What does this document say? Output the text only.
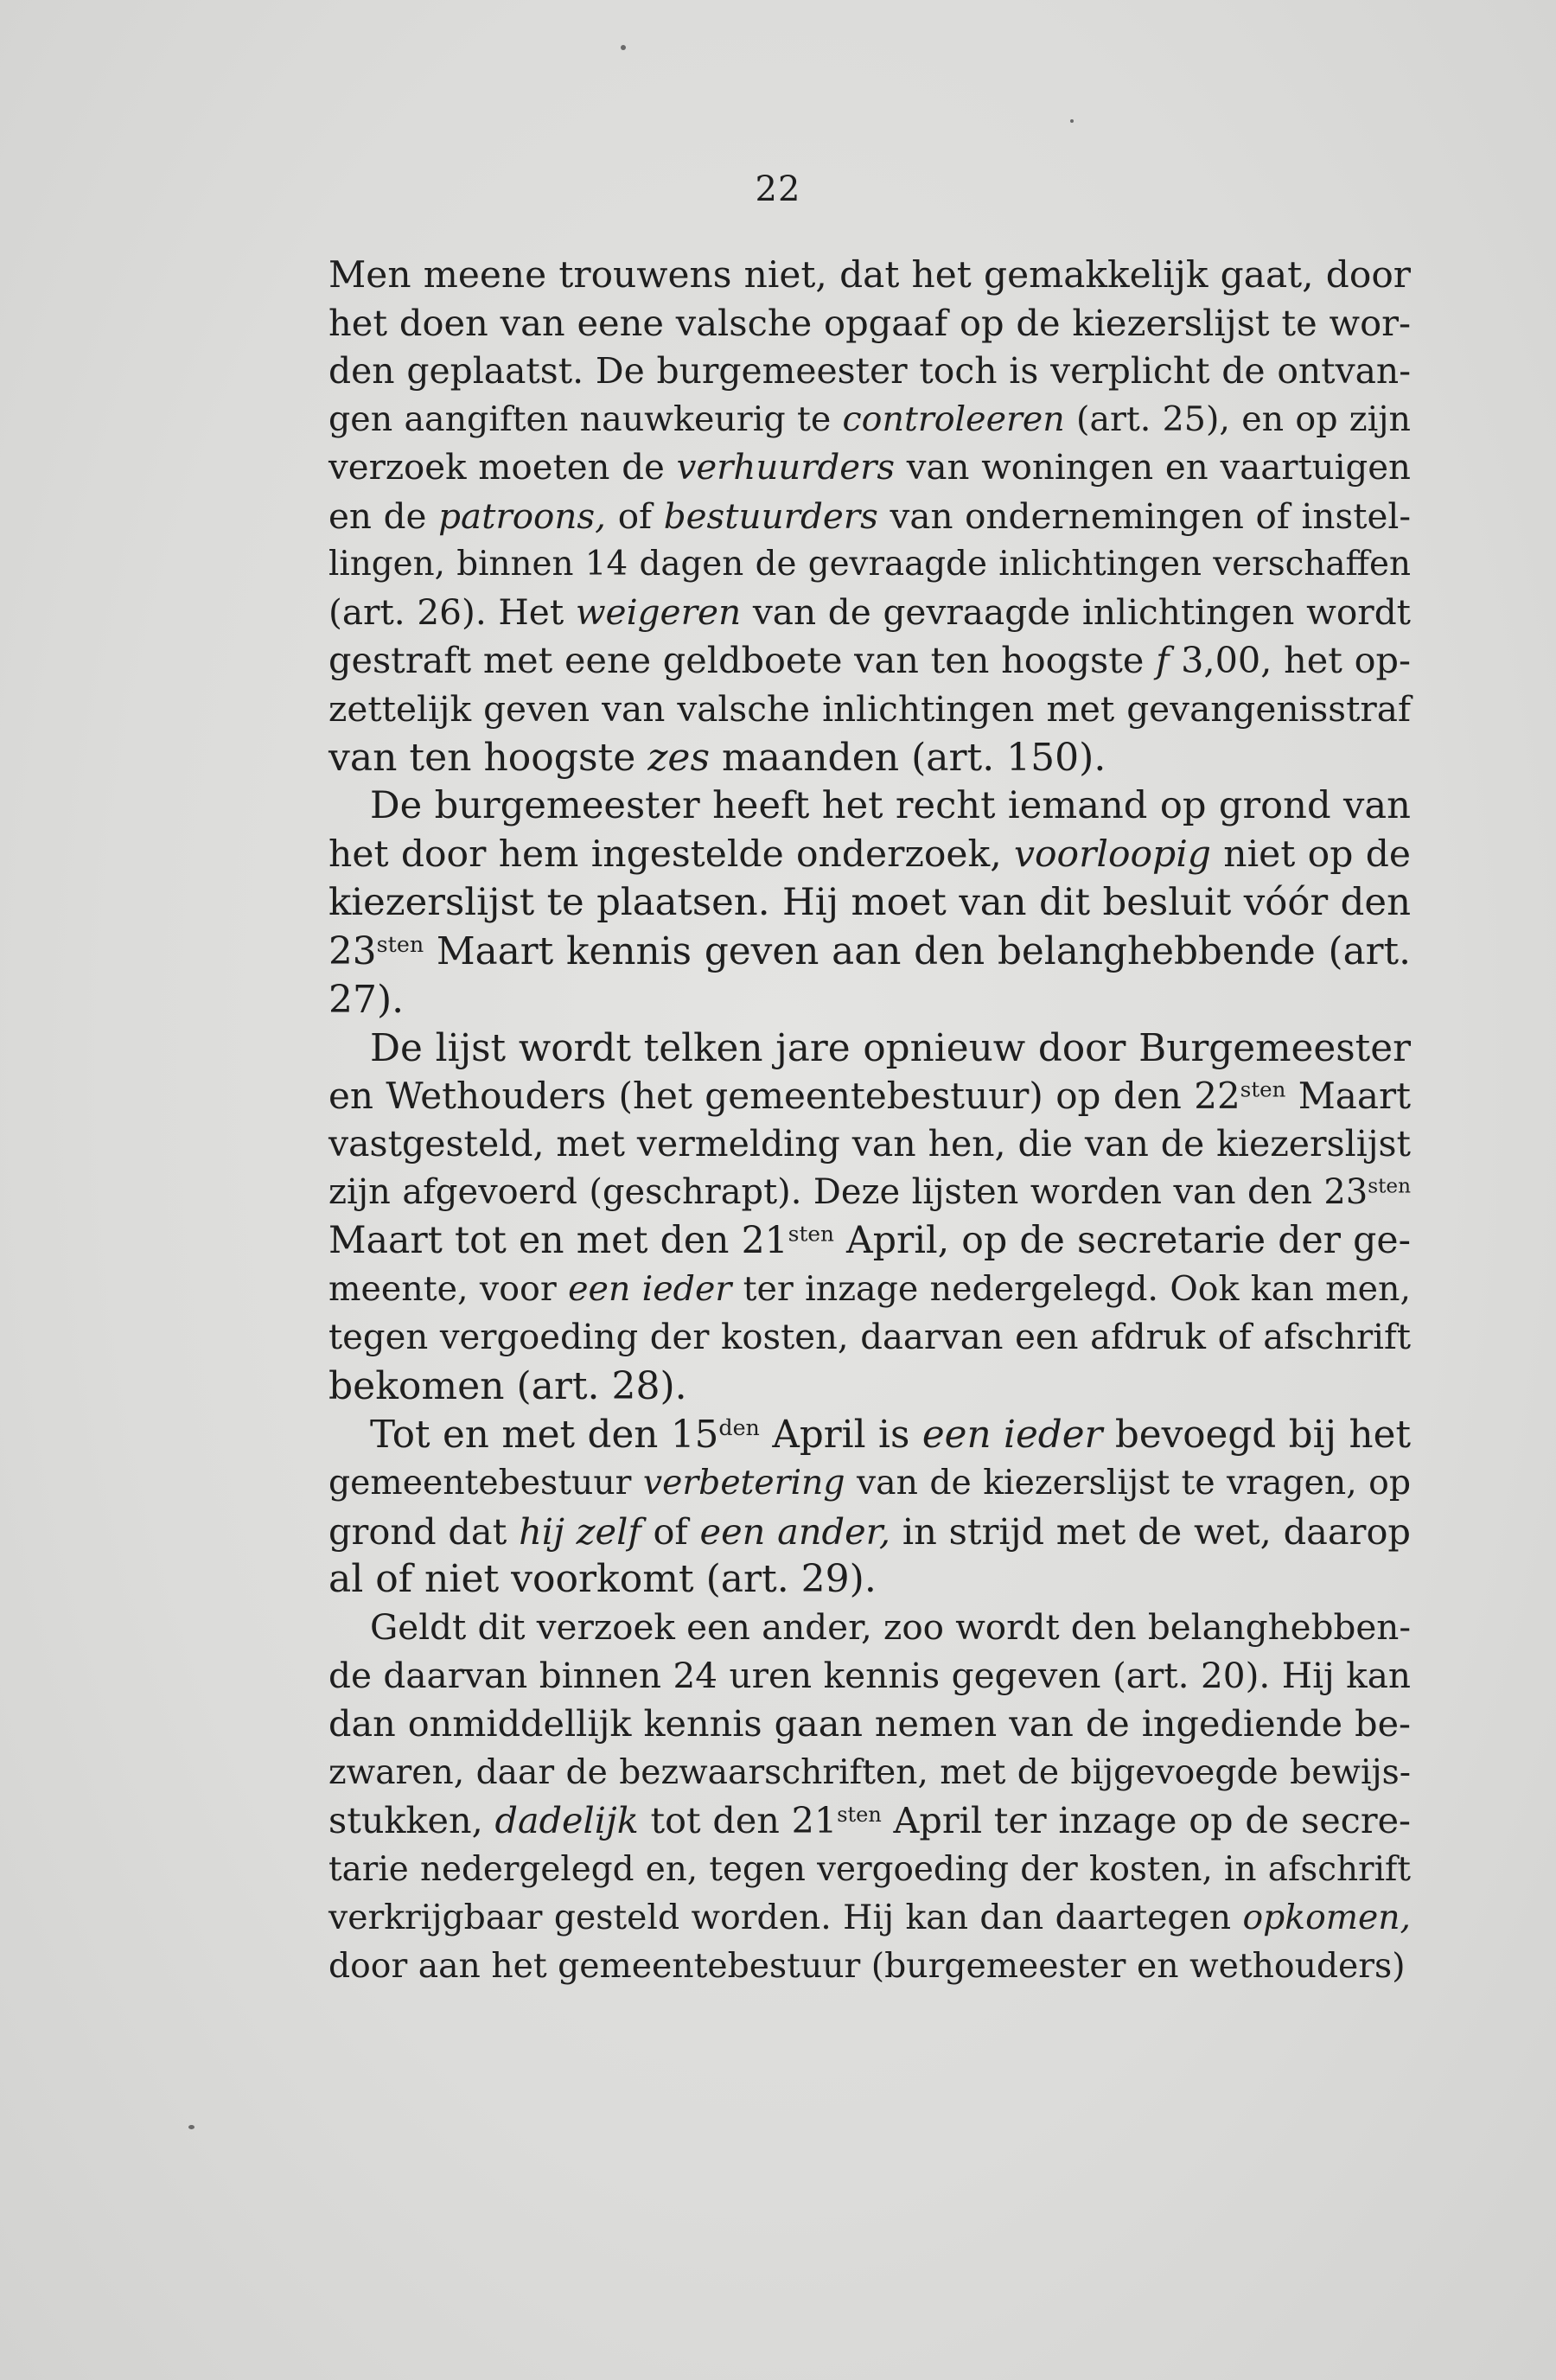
22

Men meene trouwens niet, dat het gemakkelijk gaat, door
het doen van eene valsche opgaaf op de kiezerslijst te wor-
den geplaatst. De burgemeester toch is verplicht de ontvan-
gen aangiften nauwkeurig te controleeren (art. 25), en op zijn
verzoek moeten de verhuurders van woningen en vaartuigen
en de patroons, of bestuurders van ondernemingen of instel-
lingen, binnen 14 dagen de gevraagde inlichtingen verschaffen
(art. 26). Het weigeren van de gevraagde inlichtingen wordt
gestraft met eene geldboete van ten hoogste f 3,00, het op-
zettelijk geven van valsche inlichtingen met gevangenisstraf
van ten hoogste zes maanden (art. 150).

De burgemeester heeft het recht iemand op grond van
het door hem ingestelde onderzoek, voorloopig niet op de
kiezerslijst te plaatsen. Hij moet van dit besluit vóór den
$23^{sten}$ Maart kennis geven aan den belanghebbende (art.
27).

De lijst wordt telken jare opnieuw door Burgemeester
en Wethouders (het gemeentebestuur) op den $22^{sten}$ Maart
vastgesteld, met vermelding van hen, die van de kiezerslijst
zijn afgevoerd (geschrapt). Deze lijsten worden van den $23^{sten}$
Maart tot en met den $21^{sten}$ April, op de secretarie der ge-
meente, voor een ieder ter inzage nedergelegd. Ook kan men,
tegen vergoeding der kosten, daarvan een afdruk of afschrift
bekomen (art. 28).

Tot en met den $15^{den}$ April is een ieder bevoegd bij het
gemeentebestuur verbetering van de kiezerslijst te vragen, op
grond dat hij zelf of een ander, in strijd met de wet, daarop
al of niet voorkomt (art. 29).

Geldt dit verzoek een ander, zoo wordt den belanghebben-
de daarvan binnen 24 uren kennis gegeven (art. 20). Hij kan
dan onmiddellijk kennis gaan nemen van de ingediende be-
zwaren, daar de bezwaarschriften, met de bijgevoegde bewijs-
stukken, dadelijk tot den $21^{sten}$ April ter inzage op de secre-
tarie nedergelegd en, tegen vergoeding der kosten, in afschrift
verkrijgbaar gesteld worden. Hij kan dan daartegen opkomen,
door aan het gemeentebestuur (burgemeester en wethouders)
